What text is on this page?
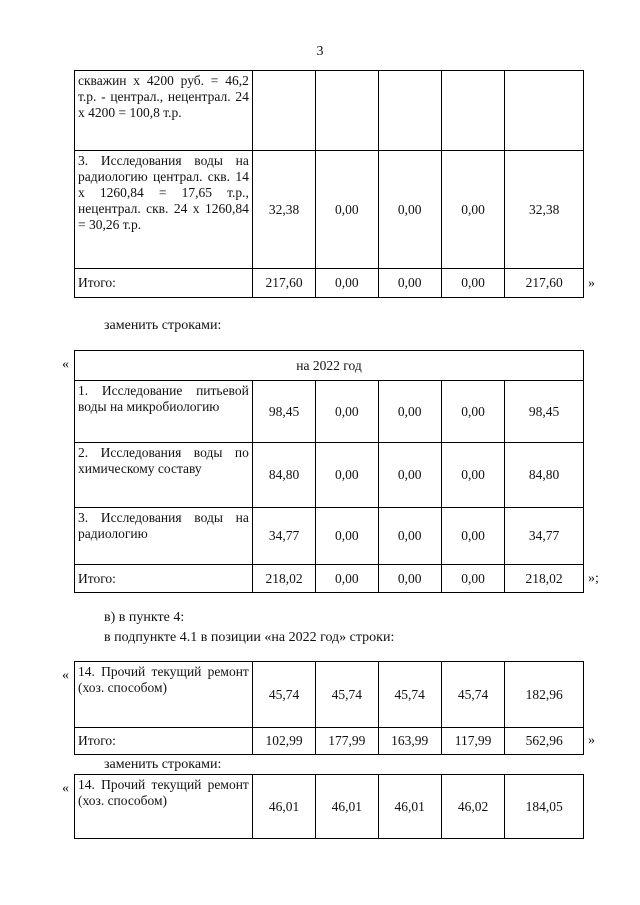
3
скважин х 4200 руб. = 46,2 т.р. - централ., нецентрал. 24 х 4200 = 100,8 т.р.					
3. Исследования воды на радиологию централ. скв. 14 х 1260,84 = 17,65 т.р., нецентрал. скв. 24 х 1260,84 = 30,26 т.р.	32,38	0,00	0,00	0,00	32,38
Итого:	217,60	0,00	0,00	0,00	217,60 »
заменить строками:
«	на 2022 год					
1. Исследование питьевой воды на микробиологию	98,45	0,00	0,00	0,00	98,45
2. Исследования воды по химическому составу	84,80	0,00	0,00	0,00	84,80
3. Исследования воды на радиологию	34,77	0,00	0,00	0,00	34,77
Итого:	218,02	0,00	0,00	0,00	218,02 »;
в) в пункте 4:
в подпункте 4.1 в позиции «на 2022 год» строки:
« 14. Прочий текущий ремонт (хоз. способом)	45,74	45,74	45,74	45,74	182,96
Итого:	102,99	177,99	163,99	117,99	562,96 »
заменить строками:
« 14. Прочий текущий ремонт (хоз. способом)	46,01	46,01	46,01	46,02	184,05
